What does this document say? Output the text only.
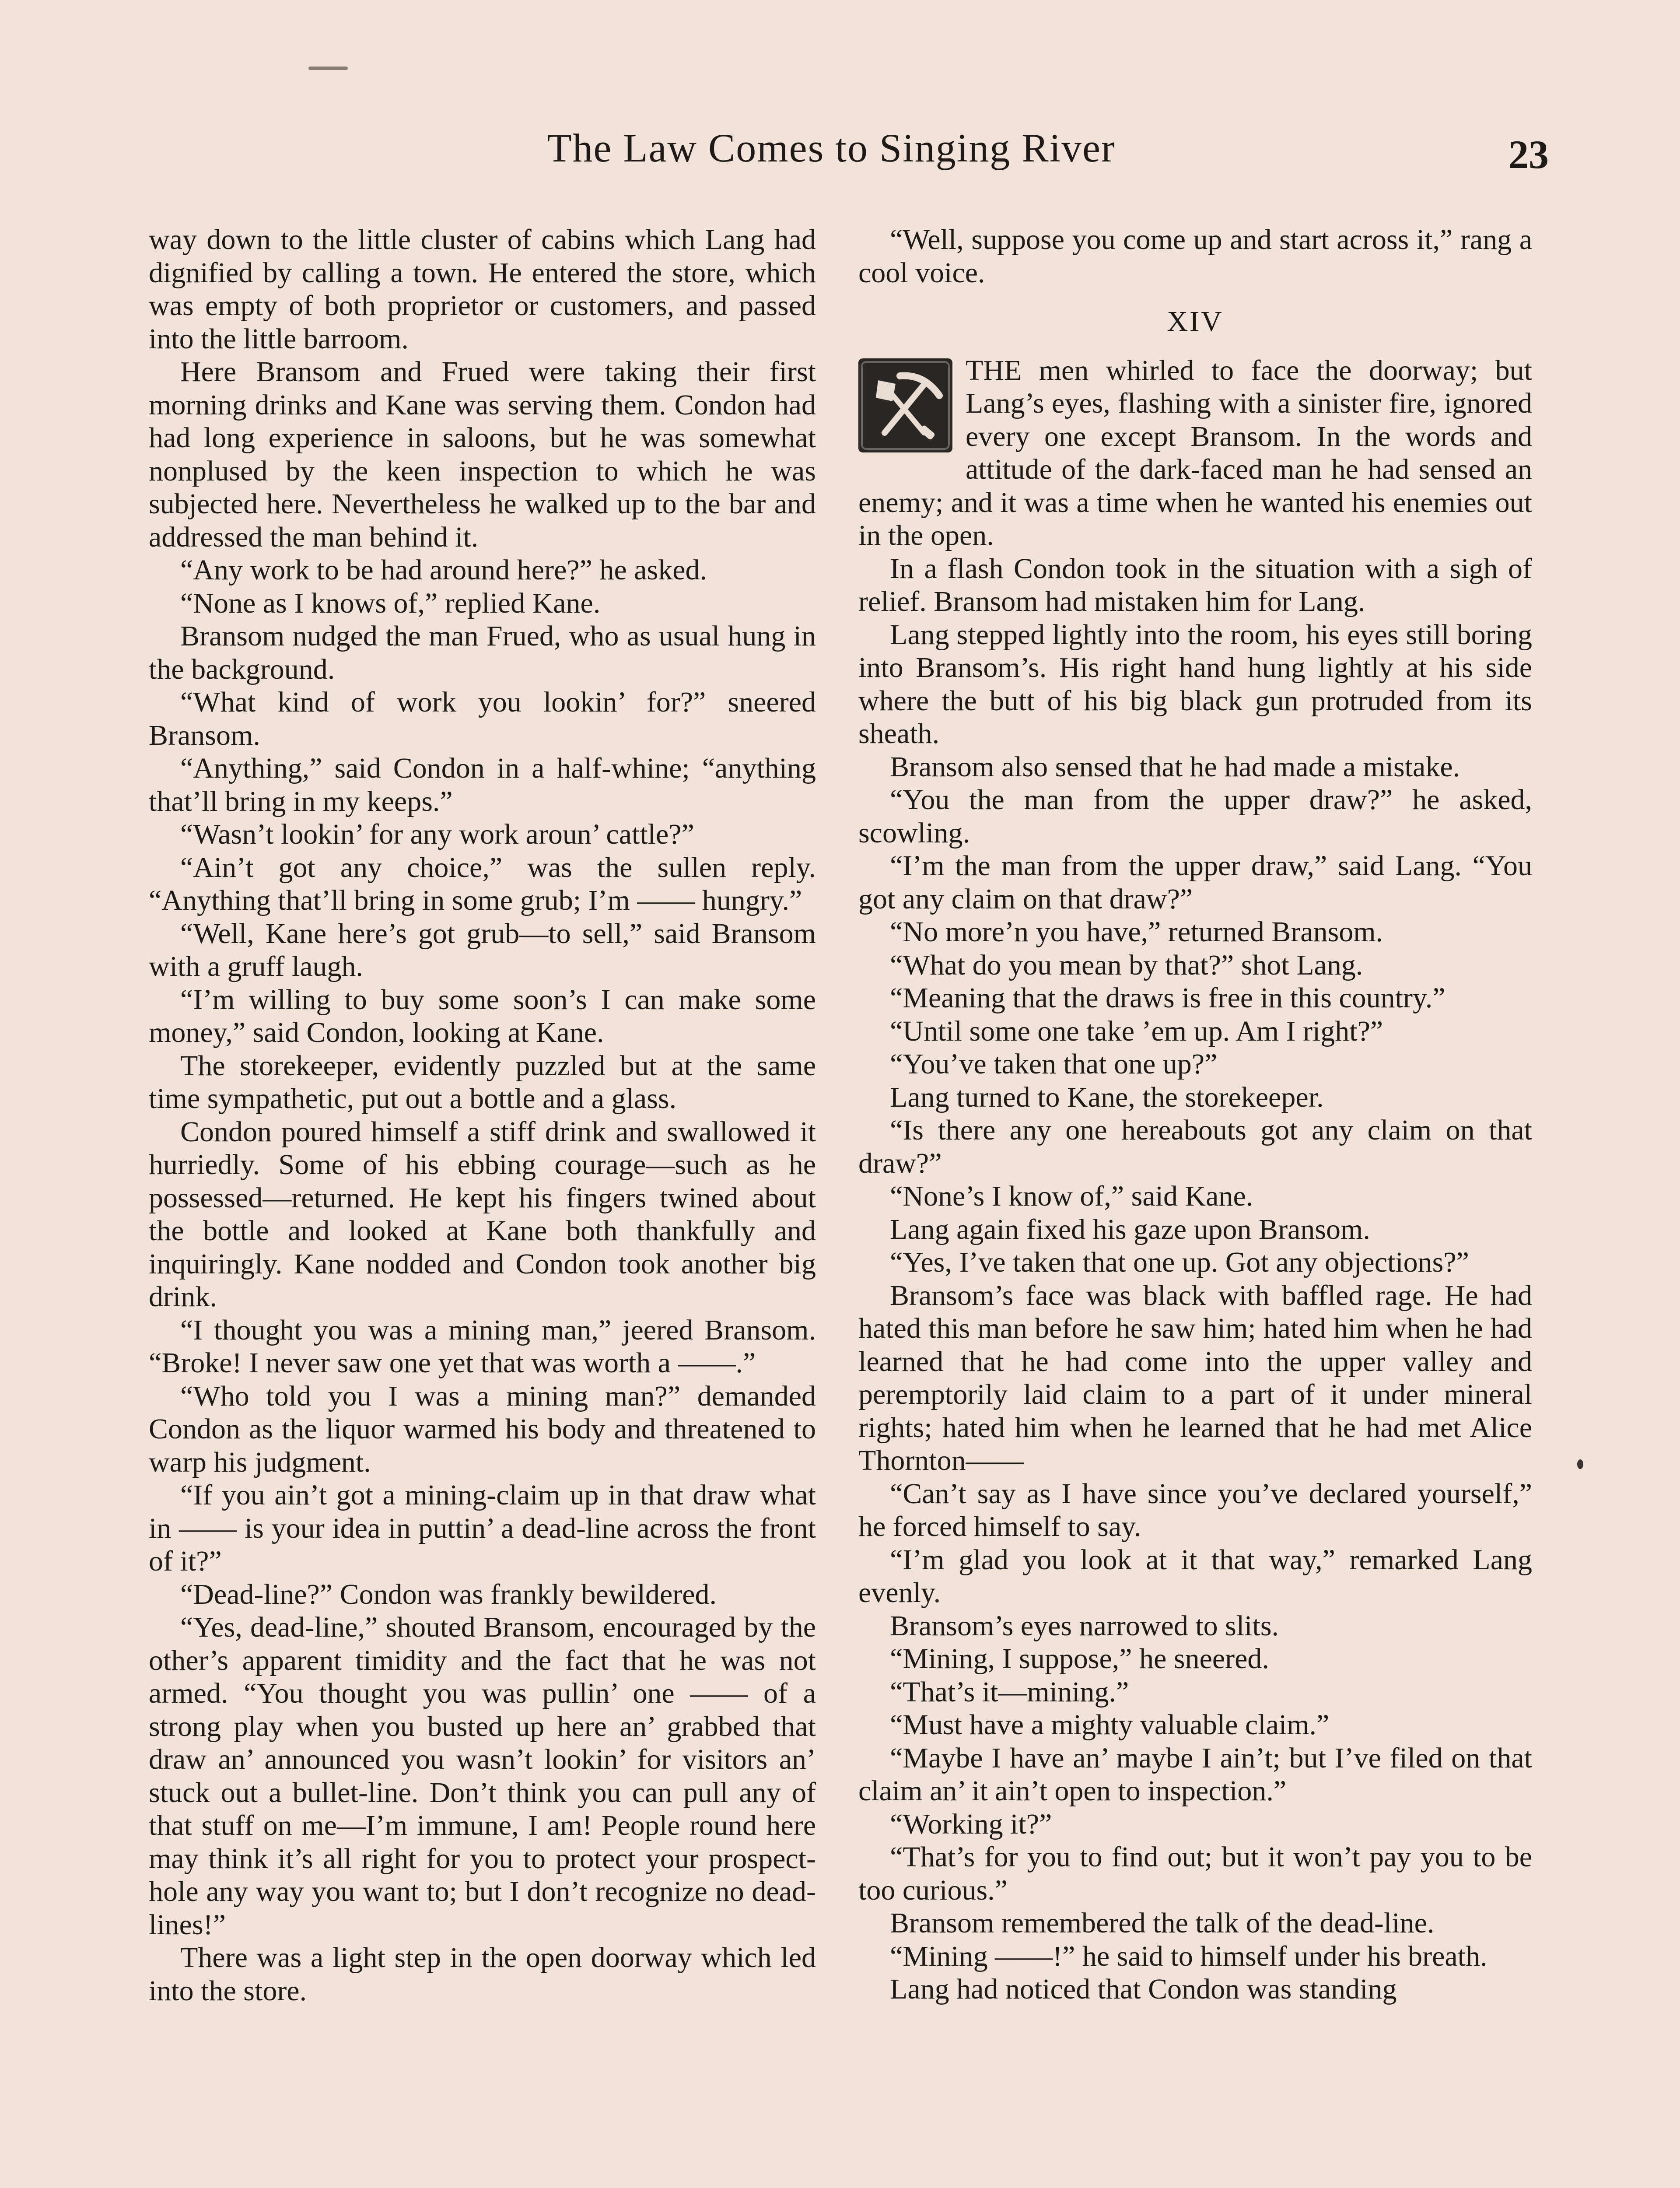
The Law Comes to Singing River	23

way down to the little cluster of cabins which Lang had dignified by calling a town. He entered the store, which was empty of both proprietor or customers, and passed into the little barroom.

Here Bransom and Frued were taking their first morning drinks and Kane was serving them. Condon had had long experience in saloons, but he was somewhat nonplused by the keen inspection to which he was subjected here. Nevertheless he walked up to the bar and addressed the man behind it.

“Any work to be had around here?” he asked.

“None as I knows of,” replied Kane.

Bransom nudged the man Frued, who as usual hung in the background.

“What kind of work you lookin’ for?” sneered Bransom.

“Anything,” said Condon in a half-whine; “anything that’ll bring in my keeps.”

“Wasn’t lookin’ for any work aroun’ cattle?”

“Ain’t got any choice,” was the sullen reply. “Anything that’ll bring in some grub; I’m —— hungry.”

“Well, Kane here’s got grub—to sell,” said Bransom with a gruff laugh.

“I’m willing to buy some soon’s I can make some money,” said Condon, looking at Kane.

The storekeeper, evidently puzzled but at the same time sympathetic, put out a bottle and a glass.

Condon poured himself a stiff drink and swallowed it hurriedly. Some of his ebbing courage—such as he possessed—returned. He kept his fingers twined about the bottle and looked at Kane both thankfully and inquiringly. Kane nodded and Condon took another big drink.

“I thought you was a mining man,” jeered Bransom. “Broke! I never saw one yet that was worth a ——.”

“Who told you I was a mining man?” demanded Condon as the liquor warmed his body and threatened to warp his judgment.

“If you ain’t got a mining-claim up in that draw what in —— is your idea in puttin’ a dead-line across the front of it?”

“Dead-line?” Condon was frankly bewildered.

“Yes, dead-line,” shouted Bransom, encouraged by the other’s apparent timidity and the fact that he was not armed. “You thought you was pullin’ one —— of a strong play when you busted up here an’ grabbed that draw an’ announced you wasn’t lookin’ for visitors an’ stuck out a bullet-line. Don’t think you can pull any of that stuff on me—I’m immune, I am! People round here may think it’s all right for you to protect your prospect-hole any way you want to; but I don’t recognize no dead-lines!”

There was a light step in the open doorway which led into the store.

“Well, suppose you come up and start across it,” rang a cool voice.

XIV

THE men whirled to face the doorway; but Lang’s eyes, flashing with a sinister fire, ignored every one except Bransom. In the words and attitude of the dark-faced man he had sensed an enemy; and it was a time when he wanted his enemies out in the open.

In a flash Condon took in the situation with a sigh of relief. Bransom had mistaken him for Lang.

Lang stepped lightly into the room, his eyes still boring into Bransom’s. His right hand hung lightly at his side where the butt of his big black gun protruded from its sheath.

Bransom also sensed that he had made a mistake.

“You the man from the upper draw?” he asked, scowling.

“I’m the man from the upper draw,” said Lang. “You got any claim on that draw?”

“No more’n you have,” returned Bransom.

“What do you mean by that?” shot Lang.

“Meaning that the draws is free in this country.”

“Until some one take ’em up. Am I right?”

“You’ve taken that one up?”

Lang turned to Kane, the storekeeper.

“Is there any one hereabouts got any claim on that draw?”

“None’s I know of,” said Kane.

Lang again fixed his gaze upon Bransom.

“Yes, I’ve taken that one up. Got any objections?”

Bransom’s face was black with baffled rage. He had hated this man before he saw him; hated him when he had learned that he had come into the upper valley and peremptorily laid claim to a part of it under mineral rights; hated him when he learned that he had met Alice Thornton——

“Can’t say as I have since you’ve declared yourself,” he forced himself to say.

“I’m glad you look at it that way,” remarked Lang evenly.

Bransom’s eyes narrowed to slits.

“Mining, I suppose,” he sneered.

“That’s it—mining.”

“Must have a mighty valuable claim.”

“Maybe I have an’ maybe I ain’t; but I’ve filed on that claim an’ it ain’t open to inspection.”

“Working it?”

“That’s for you to find out; but it won’t pay you to be too curious.”

Bransom remembered the talk of the dead-line.

“Mining ——!” he said to himself under his breath.

Lang had noticed that Condon was standing
